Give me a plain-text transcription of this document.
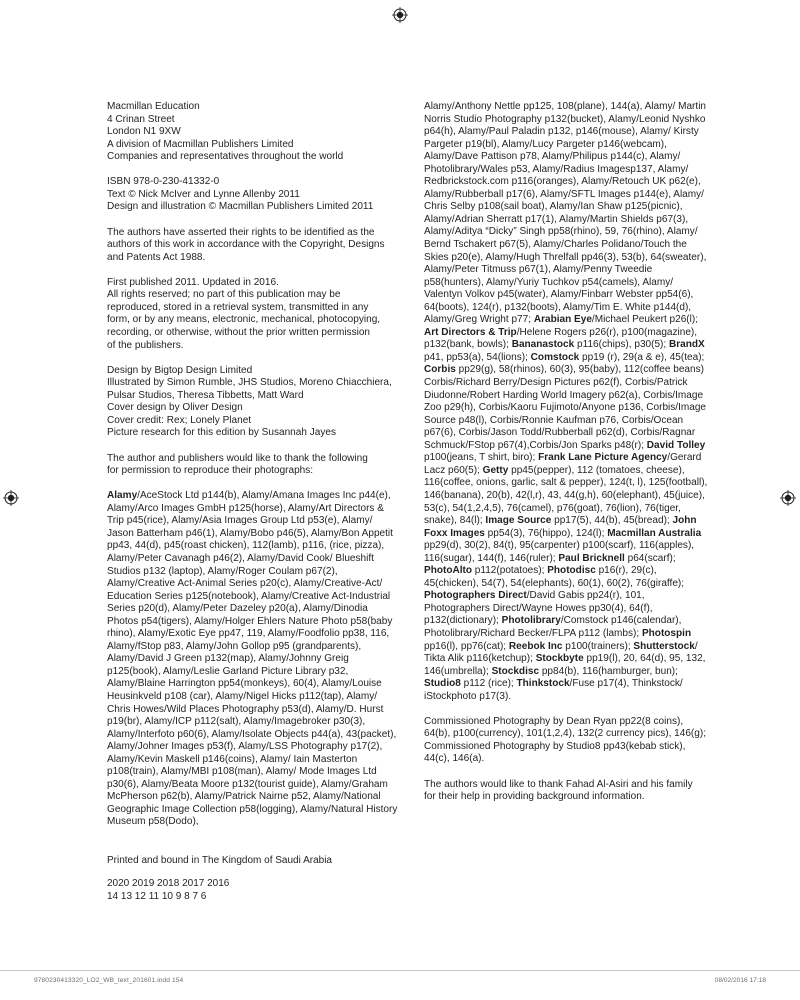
Macmillan Education
4 Crinan Street
London N1 9XW
A division of Macmillan Publishers Limited
Companies and representatives throughout the world
ISBN 978-0-230-41332-0
Text © Nick McIver and Lynne Allenby 2011
Design and illustration © Macmillan Publishers Limited 2011
The authors have asserted their rights to be identified as the
authors of this work in accordance with the Copyright, Designs
and Patents Act 1988.
First published 2011. Updated in 2016.
All rights reserved; no part of this publication may be
reproduced, stored in a retrieval system, transmitted in any
form, or by any means, electronic, mechanical, photocopying,
recording, or otherwise, without the prior written permission
of the publishers.
Design by Bigtop Design Limited
Illustrated by Simon Rumble, JHS Studios, Moreno Chiacchiera,
Pulsar Studios, Theresa Tibbetts, Matt Ward
Cover design by Oliver Design
Cover credit: Rex; Lonely Planet
Picture research for this edition by Susannah Jayes
The author and publishers would like to thank the following
for permission to reproduce their photographs:
Alamy/AceStock Ltd p144(b), Alamy/Amana Images Inc p44(e), Alamy/Arco Images GmbH p125(horse), Alamy/Art Directors & Trip p45(rice), Alamy/Asia Images Group Ltd p53(e), Alamy/ Jason Batterham p46(1), Alamy/Bobo p46(5), Alamy/Bon Appetit pp43, 44(d), p45(roast chicken), 112(lamb), p116, (rice, pizza), Alamy/Peter Cavanagh p46(2), Alamy/David Cook/ Blueshift Studios p132 (laptop), Alamy/Roger Coulam p67(2), Alamy/Creative Act-Animal Series p20(c), Alamy/Creative-Act/ Education Series p125(notebook), Alamy/Creative Act-Industrial Series p20(d), Alamy/Peter Dazeley p20(a), Alamy/Dinodia Photos p54(tigers), Alamy/Holger Ehlers Nature Photo p58(baby rhino), Alamy/Exotic Eye pp47, 119, Alamy/Foodfolio pp38, 116, Alamy/fStop p83, Alamy/John Gollop p95 (grandparents), Alamy/David J Green p132(map), Alamy/Johnny Greig p125(book), Alamy/Leslie Garland Picture Library p32, Alamy/Blaine Harrington pp54(monkeys), 60(4), Alamy/Louise Heusinkveld p108 (car), Alamy/Nigel Hicks p112(tap), Alamy/ Chris Howes/Wild Places Photography p53(d), Alamy/D. Hurst p19(br), Alamy/ICP p112(salt), Alamy/Imagebroker p30(3), Alamy/Interfoto p60(6), Alamy/Isolate Objects p44(a), 43(packet), Alamy/Johner Images p53(f), Alamy/LSS Photography p17(2), Alamy/Kevin Maskell p146(coins), Alamy/ Iain Masterton p108(train), Alamy/MBI p108(man), Alamy/ Mode Images Ltd p30(6), Alamy/Beata Moore p132(tourist guide), Alamy/Graham McPherson p62(b), Alamy/Patrick Nairne p52, Alamy/National Geographic Image Collection p58(logging), Alamy/Natural History Museum p58(Dodo),
Alamy/Anthony Nettle pp125, 108(plane), 144(a), Alamy/ Martin Norris Studio Photography p132(bucket), Alamy/Leonid Nyshko p64(h), Alamy/Paul Paladin p132, p146(mouse), Alamy/ Kirsty Pargeter p19(bl), Alamy/Lucy Pargeter p146(webcam), Alamy/Dave Pattison p78, Alamy/Philipus p144(c), Alamy/ Photolibrary/Wales p53, Alamy/Radius Imagesp137, Alamy/ Redbrickstock.com p116(oranges), Alamy/Retouch UK p62(e), Alamy/Rubberball p17(6), Alamy/SFTL Images p144(e), Alamy/ Chris Selby p108(sail boat), Alamy/Ian Shaw p125(picnic), Alamy/Adrian Sherratt p17(1), Alamy/Martin Shields p67(3), Alamy/Aditya “Dicky” Singh pp58(rhino), 59, 76(rhino), Alamy/ Bernd Tschakert p67(5), Alamy/Charles Polidano/Touch the Skies p20(e), Alamy/Hugh Threlfall pp46(3), 53(b), 64(sweater), Alamy/Peter Titmuss p67(1), Alamy/Penny Tweedie p58(hunters), Alamy/Yuriy Tuchkov p54(camels), Alamy/ Valentyn Volkov p45(water), Alamy/Finbarr Webster pp54(6), 64(boots), 124(r), p132(boots), Alamy/Tim E. White p144(d), Alamy/Greg Wright p77; Arabian Eye/Michael Peukert p26(l); Art Directors & Trip/Helene Rogers p26(r), p100(magazine), p132(bank, bowls); Bananastock p116(chips), p30(5); BrandX p41, pp53(a), 54(lions); Comstock pp19 (r), 29(a & e), 45(tea); Corbis pp29(g), 58(rhinos), 60(3), 95(baby), 112(coffee beans) Corbis/Richard Berry/Design Pictures p62(f), Corbis/Patrick Diudonne/Robert Harding World Imagery p62(a), Corbis/Image Zoo p29(h), Corbis/Kaoru Fujimoto/Anyone p136, Corbis/Image Source p48(l), Corbis/Ronnie Kaufman p76, Corbis/Ocean p67(6), Corbis/Jason Todd/Rubberball p62(d), Corbis/Ragnar Schmuck/FStop p67(4),Corbis/Jon Sparks p48(r); David Tolley p100(jeans, T shirt, biro); Frank Lane Picture Agency/Gerard Lacz p60(5); Getty pp45(pepper), 112 (tomatoes, cheese), 116(coffee, onions, garlic, salt & pepper), 124(t, l), 125(football), 146(banana), 20(b), 42(l,r), 43, 44(g,h), 60(elephant), 45(juice), 53(c), 54(1,2,4,5), 76(camel), p76(goat), 76(lion), 76(tiger, snake), 84(l); Image Source pp17(5), 44(b), 45(bread); John Foxx Images pp54(3), 76(hippo), 124(l); Macmillan Australia pp29(d), 30(2), 84(t), 95(carpenter) p100(scarf), 116(apples), 116(sugar), 144(f), 146(ruler); Paul Bricknell p64(scarf); PhotoAlto p112(potatoes); Photodisc p16(r), 29(c), 45(chicken), 54(7), 54(elephants), 60(1), 60(2), 76(giraffe); Photographers Direct/David Gabis pp24(r), 101, Photographers Direct/Wayne Howes pp30(4), 64(f), p132(dictionary); Photolibrary/Comstock p146(calendar), Photolibrary/Richard Becker/FLPA p112 (lambs); Photospin pp16(l), pp76(cat); Reebok Inc p100(trainers); Shutterstock/ Tikta Alik p116(ketchup); Stockbyte pp19(l), 20, 64(d), 95, 132, 146(umbrella); Stockdisc pp84(b), 116(hamburger, bun); Studio8 p112 (rice); Thinkstock/Fuse p17(4), Thinkstock/ iStockphoto p17(3).
Commissioned Photography by Dean Ryan pp22(8 coins),
64(b), p100(currency), 101(1,2,4), 132(2 currency pics), 146(g);
Commissioned Photography by Studio8 pp43(kebab stick),
44(c), 146(a).
The authors would like to thank Fahad Al-Asiri and his family
for their help in providing background information.
Printed and bound in The Kingdom of Saudi Arabia
2020 2019 2018 2017 2016
14 13 12 11 10 9 8 7 6
9780230413320_LO2_WB_text_201601.indd 154	08/02/2016 17:18
